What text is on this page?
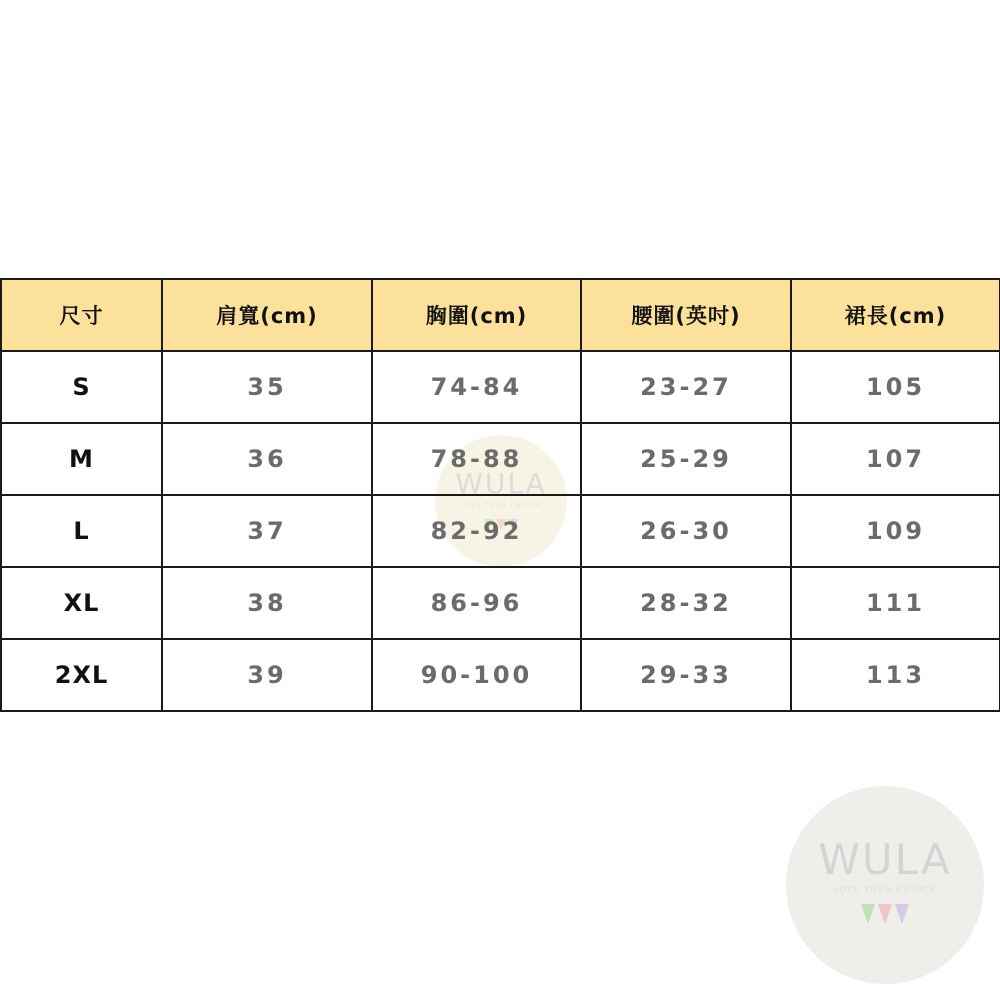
WULA
LOVE YOUR CHOICE
尺寸	肩寬(cm)	胸圍(cm)	腰圍(英吋)	裙長(cm)
S	35	74-84	23-27	105
M	36	78-88	25-29	107
L	37	82-92	26-30	109
XL	38	86-96	28-32	111
2XL	39	90-100	29-33	113
WULA
LOVE YOUR CHOICE
